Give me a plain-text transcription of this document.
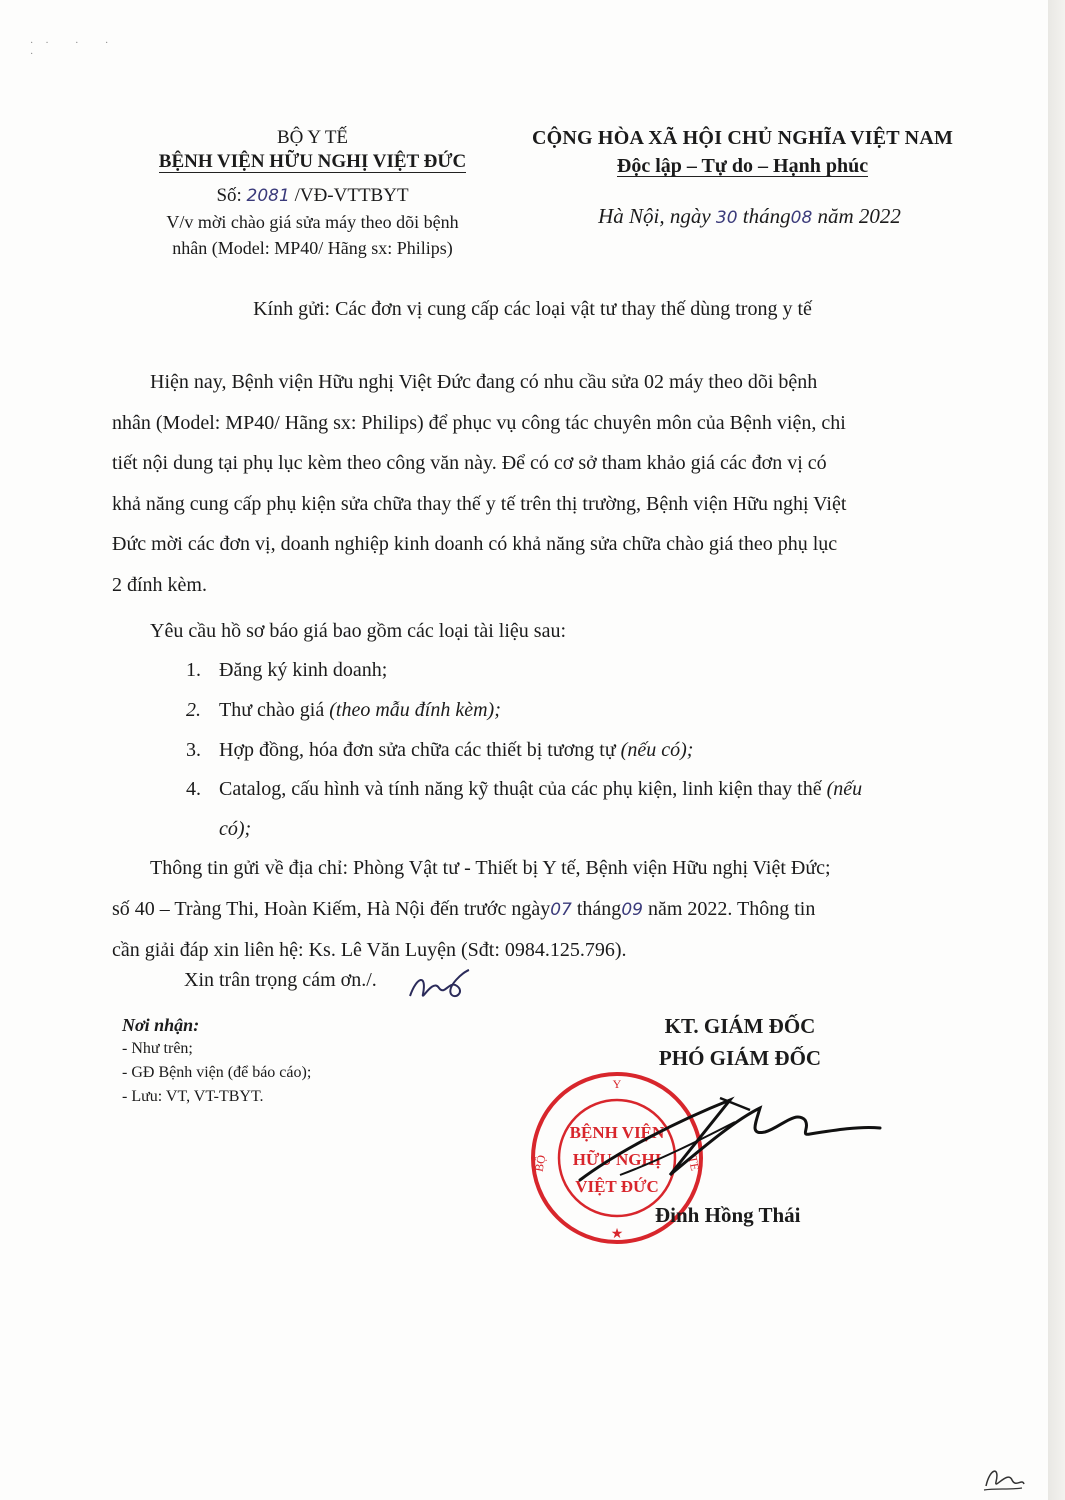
·· · ·
·
BỘ Y TẾ
BỆNH VIỆN HỮU NGHỊ VIỆT ĐỨC
Số: 2081 /VĐ-VTTBYT
V/v mời chào giá sửa máy theo dõi bệnh
nhân (Model: MP40/ Hãng sx: Philips)
CỘNG HÒA XÃ HỘI CHỦ NGHĨA VIỆT NAM
Độc lập – Tự do – Hạnh phúc
Hà Nội, ngày 30 tháng08 năm 2022
Kính gửi: Các đơn vị cung cấp các loại vật tư thay thế dùng trong y tế
Hiện nay, Bệnh viện Hữu nghị Việt Đức đang có nhu cầu sửa 02 máy theo dõi bệnh
nhân (Model: MP40/ Hãng sx: Philips) để phục vụ công tác chuyên môn của Bệnh viện, chi
tiết nội dung tại phụ lục kèm theo công văn này. Để có cơ sở tham khảo giá các đơn vị có
khả năng cung cấp phụ kiện sửa chữa thay thế y tế trên thị trường, Bệnh viện Hữu nghị Việt
Đức mời các đơn vị, doanh nghiệp kinh doanh có khả năng sửa chữa chào giá theo phụ lục
2 đính kèm.
Yêu cầu hồ sơ báo giá bao gồm các loại tài liệu sau:
1. Đăng ký kinh doanh;
2. Thư chào giá (theo mẫu đính kèm);
3. Hợp đồng, hóa đơn sửa chữa các thiết bị tương tự (nếu có);
4. Catalog, cấu hình và tính năng kỹ thuật của các phụ kiện, linh kiện thay thế (nếu
có);
Thông tin gửi về địa chỉ: Phòng Vật tư - Thiết bị Y tế, Bệnh viện Hữu nghị Việt Đức;
số 40 – Tràng Thi, Hoàn Kiếm, Hà Nội đến trước ngày07 tháng09 năm 2022. Thông tin
cần giải đáp xin liên hệ: Ks. Lê Văn Luyện (Sđt: 0984.125.796).
Xin trân trọng cám ơn./.
Nơi nhận:
- Như trên;
- GĐ Bệnh viện (để báo cáo);
- Lưu: VT, VT-TBYT.
KT. GIÁM ĐỐC
PHÓ GIÁM ĐỐC
Y
BỘ	TẾ
★
BỆNH VIỆN
HỮU NGHỊ
VIỆT ĐỨC
Đinh Hồng Thái
